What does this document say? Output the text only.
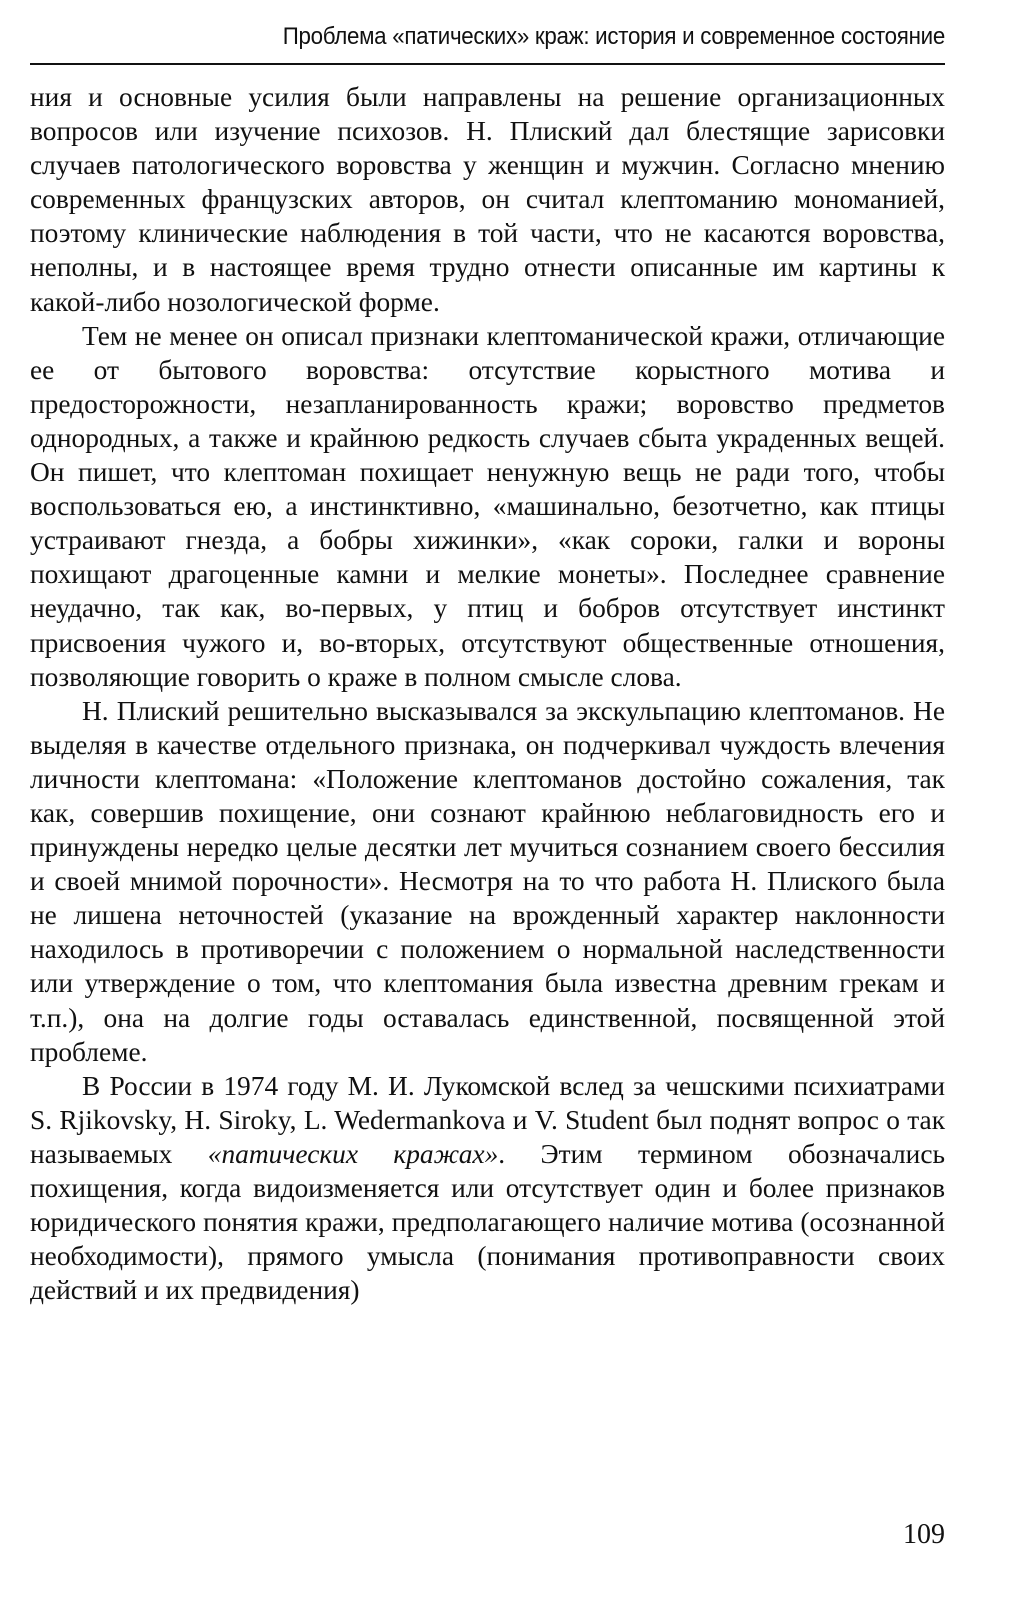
Проблема «патических» краж: история и современное состояние

ния и основные усилия были направлены на решение организационных вопросов или изучение психозов. Н. Плиский дал блестящие зарисовки случаев патологического воровства у женщин и мужчин. Согласно мнению современных французских авторов, он считал клептоманию мономанией, поэтому клинические наблюдения в той части, что не касаются воровства, неполны, и в настоящее время трудно отнести описанные им картины к какой-либо нозологической форме.

Тем не менее он описал признаки клептоманической кражи, отличающие ее от бытового воровства: отсутствие корыстного мотива и предосторожности, незапланированность кражи; воровство предметов однородных, а также и крайнюю редкость случаев сбыта украденных вещей. Он пишет, что клептоман похищает ненужную вещь не ради того, чтобы воспользоваться ею, а инстинктивно, «машинально, безотчетно, как птицы устраивают гнезда, а бобры хижинки», «как сороки, галки и вороны похищают драгоценные камни и мелкие монеты». Последнее сравнение неудачно, так как, во-первых, у птиц и бобров отсутствует инстинкт присвоения чужого и, во-вторых, отсутствуют общественные отношения, позволяющие говорить о краже в полном смысле слова.

Н. Плиский решительно высказывался за экскульпацию клептоманов. Не выделяя в качестве отдельного признака, он подчеркивал чуждость влечения личности клептомана: «Положение клептоманов достойно сожаления, так как, совершив похищение, они сознают крайнюю неблаговидность его и принуждены нередко целые десятки лет мучиться сознанием своего бессилия и своей мнимой порочности». Несмотря на то что работа Н. Плиского была не лишена неточностей (указание на врожденный характер наклонности находилось в противоречии с положением о нормальной наследственности или утверждение о том, что клептомания была известна древним грекам и т.п.), она на долгие годы оставалась единственной, посвященной этой проблеме.

В России в 1974 году М. И. Лукомской вслед за чешскими психиатрами S. Rjikovsky, H. Siroky, L. Wedermankova и V. Student был поднят вопрос о так называемых «патических кражах». Этим термином обозначались похищения, когда видоизменяется или отсутствует один и более признаков юридического понятия кражи, предполагающего наличие мотива (осознанной необходимости), прямого умысла (понимания противоправности своих действий и их предвидения)

109
